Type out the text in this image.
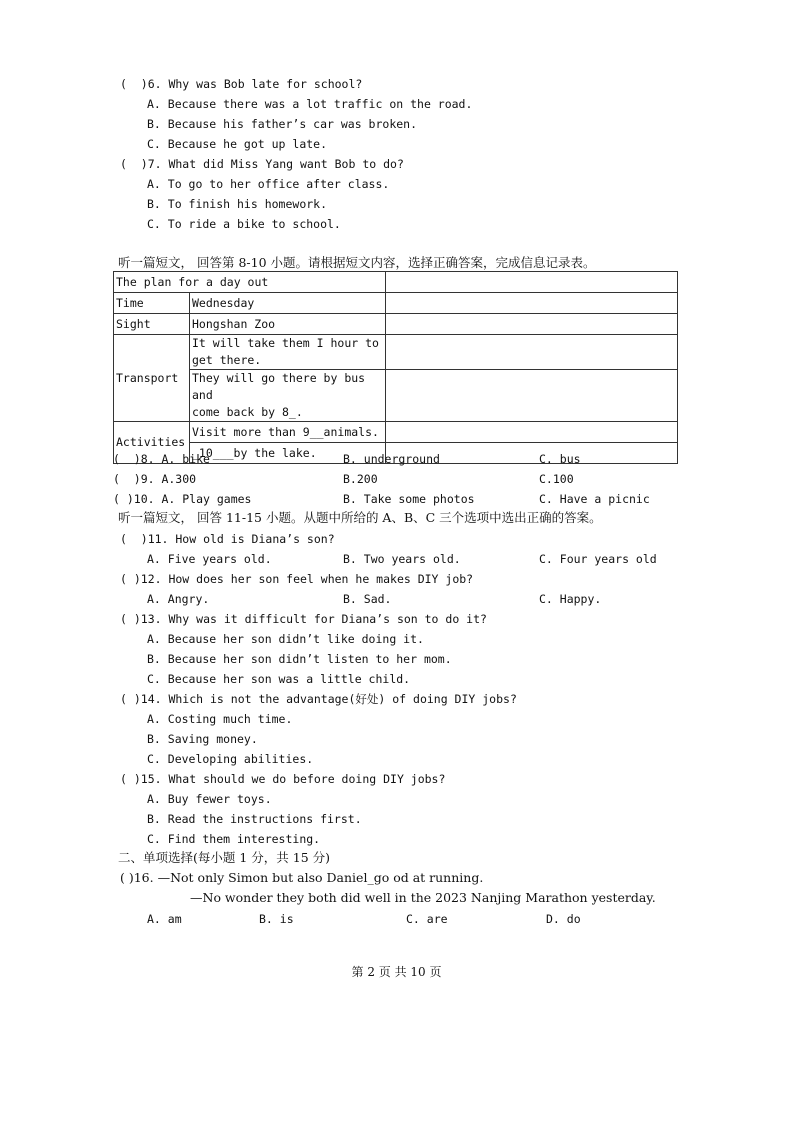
(  )6. Why was Bob late for school?
A. Because there was a lot traffic on the road.
B. Because his father’s car was broken.
C. Because he got up late.
(  )7. What did Miss Yang want Bob to do?
A. To go to her office after class.
B. To finish his homework.
C. To ride a bike to school.
听一篇短文， 回答第 8-10 小题。请根据短文内容，选择正确答案，完成信息记录表。
The plan for a day out		
Time	Wednesday	
Sight	Hongshan Zoo	
Transport	It will take them I hour to
get there.	

	They will go there by bus and
come back by 8_.	

Activities	Visit more than 9__animals.	
	_10___by the lake.	
(  )8. A. bike	B. underground	C. bus
(  )9. A.300	B.200	C.100
( )10. A. Play games	B. Take some photos	C. Have a picnic
听一篇短文， 回答 11-15 小题。从题中所给的 A、B、C 三个选项中选出正确的答案。
(  )11. How old is Diana’s son?
A. Five years old.	B. Two years old.	C. Four years old
( )12. How does her son feel when he makes DIY job?
A. Angry.	B. Sad.	C. Happy.
( )13. Why was it difficult for Diana’s son to do it?
A. Because her son didn’t like doing it.
B. Because her son didn’t listen to her mom.
C. Because her son was a little child.
( )14. Which is not the advantage(好处) of doing DIY jobs?
A. Costing much time.
B. Saving money.
C. Developing abilities.
( )15. What should we do before doing DIY jobs?
A. Buy fewer toys.
B. Read the instructions first.
C. Find them interesting.
二、单项选择(每小题 1 分，共 15 分)
( )16. —Not only Simon but also Daniel_go od at running.
—No wonder they both did well in the 2023 Nanjing Marathon yesterday.
A. am	B. is	C. are	D. do
第 2 页 共 10 页
